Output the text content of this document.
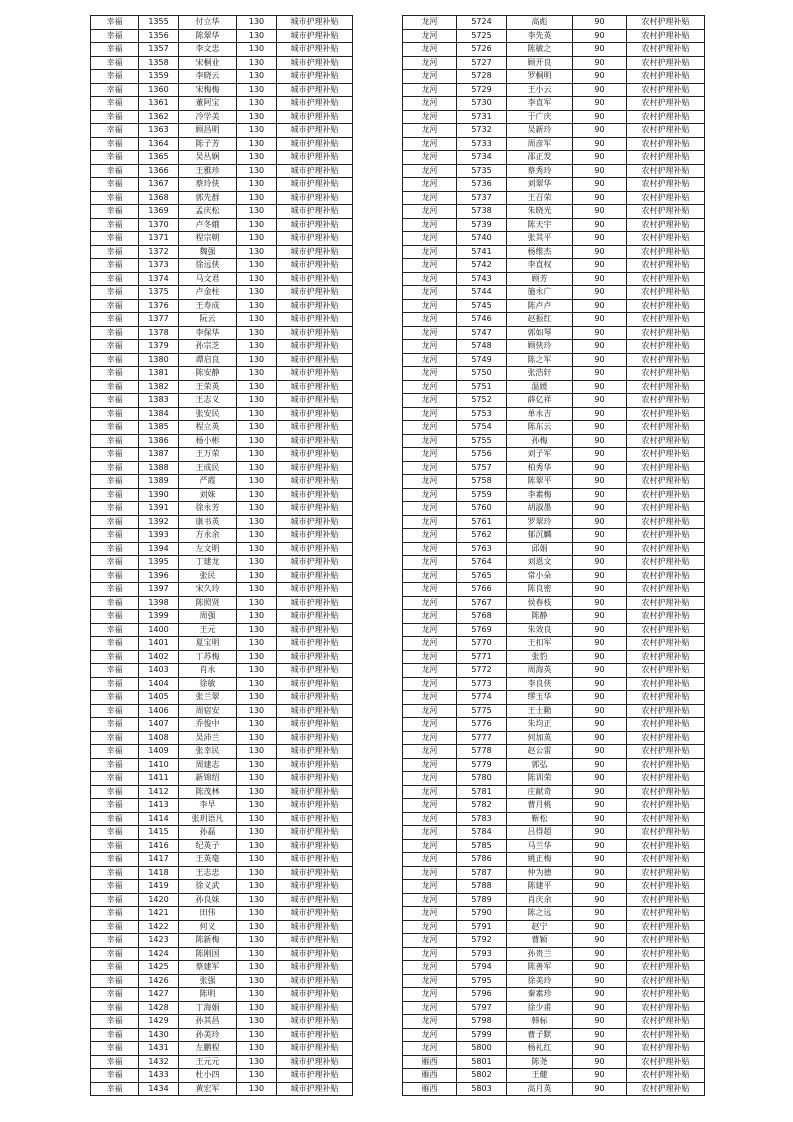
幸福	1355	付立华	130	城市护理补贴
幸福	1356	陈翠华	130	城市护理补贴
幸福	1357	李文忠	130	城市护理补贴
幸福	1358	宋桐业	130	城市护理补贴
幸福	1359	李晓云	130	城市护理补贴
幸福	1360	宋梅梅	130	城市护理补贴
幸福	1361	董阿宝	130	城市护理补贴
幸福	1362	冷学美	130	城市护理补贴
幸福	1363	顾昌明	130	城市护理补贴
幸福	1364	陈子芳	130	城市护理补贴
幸福	1365	吴丛娴	130	城市护理补贴
幸福	1366	王雅珍	130	城市护理补贴
幸福	1367	蔡玲侠	130	城市护理补贴
幸福	1368	郭先群	130	城市护理补贴
幸福	1369	孟庆松	130	城市护理补贴
幸福	1370	卢冬娥	130	城市护理补贴
幸福	1371	程宗朝	130	城市护理补贴
幸福	1372	魏强	130	城市护理补贴
幸福	1373	徐远侠	130	城市护理补贴
幸福	1374	马文君	130	城市护理补贴
幸福	1375	卢金柱	130	城市护理补贴
幸福	1376	王寿成	130	城市护理补贴
幸福	1377	阮云	130	城市护理补贴
幸福	1378	李保华	130	城市护理补贴
幸福	1379	孙宗芝	130	城市护理补贴
幸福	1380	谭启良	130	城市护理补贴
幸福	1381	陈安静	130	城市护理补贴
幸福	1382	王荣英	130	城市护理补贴
幸福	1383	王志义	130	城市护理补贴
幸福	1384	张安民	130	城市护理补贴
幸福	1385	程立英	130	城市护理补贴
幸福	1386	杨小彬	130	城市护理补贴
幸福	1387	王万荣	130	城市护理补贴
幸福	1388	王成民	130	城市护理补贴
幸福	1389	严霞	130	城市护理补贴
幸福	1390	刘妹	130	城市护理补贴
幸福	1391	徐永芳	130	城市护理补贴
幸福	1392	康书英	130	城市护理补贴
幸福	1393	方永余	130	城市护理补贴
幸福	1394	左文明	130	城市护理补贴
幸福	1395	丁建龙	130	城市护理补贴
幸福	1396	张民	130	城市护理补贴
幸福	1397	宋久玲	130	城市护理补贴
幸福	1398	陈照贤	130	城市护理补贴
幸福	1399	周强	130	城市护理补贴
幸福	1400	王元	130	城市护理补贴
幸福	1401	夏宝明	130	城市护理补贴
幸福	1402	丁苏梅	130	城市护理补贴
幸福	1403	肖永	130	城市护理补贴
幸福	1404	徐敏	130	城市护理补贴
幸福	1405	张兰翠	130	城市护理补贴
幸福	1406	周宿安	130	城市护理补贴
幸福	1407	乔俊中	130	城市护理补贴
幸福	1408	吴沛兰	130	城市护理补贴
幸福	1409	张幸民	130	城市护理补贴
幸福	1410	周建志	130	城市护理补贴
幸福	1411	新锦绍	130	城市护理补贴
幸福	1412	陈茂林	130	城市护理补贴
幸福	1413	李早	130	城市护理补贴
幸福	1414	张玥语凡	130	城市护理补贴
幸福	1415	孙磊	130	城市护理补贴
幸福	1416	纪英子	130	城市护理补贴
幸福	1417	王英毫	130	城市护理补贴
幸福	1418	王志忠	130	城市护理补贴
幸福	1419	徐义武	130	城市护理补贴
幸福	1420	孙良妹	130	城市护理补贴
幸福	1421	田伟	130	城市护理补贴
幸福	1422	何义	130	城市护理补贴
幸福	1423	陈新梅	130	城市护理补贴
幸福	1424	陈刚国	130	城市护理补贴
幸福	1425	蔡建军	130	城市护理补贴
幸福	1426	张强	130	城市护理补贴
幸福	1427	陈明	130	城市护理补贴
幸福	1428	丁海娟	130	城市护理补贴
幸福	1429	孙其昌	130	城市护理补贴
幸福	1430	孙美玲	130	城市护理补贴
幸福	1431	左鹏程	130	城市护理补贴
幸福	1432	王元元	130	城市护理补贴
幸福	1433	杜小四	130	城市护理补贴
幸福	1434	黄宏军	130	城市护理补贴
龙河	5724	高彪	90	农村护理补贴
龙河	5725	李先英	90	农村护理补贴
龙河	5726	陈敏之	90	农村护理补贴
龙河	5727	顾开良	90	农村护理补贴
龙河	5728	罗桐明	90	农村护理补贴
龙河	5729	王小云	90	农村护理补贴
龙河	5730	李直军	90	农村护理补贴
龙河	5731	于广庆	90	农村护理补贴
龙河	5732	吴新玲	90	农村护理补贴
龙河	5733	周彦军	90	农村护理补贴
龙河	5734	邵正发	90	农村护理补贴
龙河	5735	蔡秀玲	90	农村护理补贴
龙河	5736	刘翠华	90	农村护理补贴
龙河	5737	王召荣	90	农村护理补贴
龙河	5738	朱晓光	90	农村护理补贴
龙河	5739	陈天宇	90	农村护理补贴
龙河	5740	张其平	90	农村护理补贴
龙河	5741	杨维杰	90	农村护理补贴
龙河	5742	李直权	90	农村护理补贴
龙河	5743	顾芳	90	农村护理补贴
龙河	5744	施永广	90	农村护理补贴
龙河	5745	陈卢卢	90	农村护理补贴
龙河	5746	赵振红	90	农村护理补贴
龙河	5747	郭如琴	90	农村护理补贴
龙河	5748	顾侠玲	90	农村护理补贴
龙河	5749	陈之军	90	农村护理补贴
龙河	5750	张浩轩	90	农村护理补贴
龙河	5751	温媛	90	农村护理补贴
龙河	5752	薛亿祥	90	农村护理补贴
龙河	5753	单永吉	90	农村护理补贴
龙河	5754	陈东云	90	农村护理补贴
龙河	5755	孙梅	90	农村护理补贴
龙河	5756	刘子军	90	农村护理补贴
龙河	5757	柏秀华	90	农村护理补贴
龙河	5758	陈翠平	90	农村护理补贴
龙河	5759	李素梅	90	农村护理补贴
龙河	5760	胡淑墨	90	农村护理补贴
龙河	5761	罗翠玲	90	农村护理补贴
龙河	5762	郁沉麟	90	农村护理补贴
龙河	5763	邱娟	90	农村护理补贴
龙河	5764	刘恩文	90	农村护理补贴
龙河	5765	常小朵	90	农村护理补贴
龙河	5766	陈良密	90	农村护理补贴
龙河	5767	侯春枝	90	农村护理补贴
龙河	5768	陈静	90	农村护理补贴
龙河	5769	朱效良	90	农村护理补贴
龙河	5770	王扣军	90	农村护理补贴
龙河	5771	张豹	90	农村护理补贴
龙河	5772	周海英	90	农村护理补贴
龙河	5773	李良侠	90	农村护理补贴
龙河	5774	缪玉华	90	农村护理补贴
龙河	5775	王士勤	90	农村护理补贴
龙河	5776	朱均正	90	农村护理补贴
龙河	5777	何加英	90	农村护理补贴
龙河	5778	赵公雷	90	农村护理补贴
龙河	5779	郭弘	90	农村护理补贴
龙河	5780	陈训荣	90	农村护理补贴
龙河	5781	庄献奇	90	农村护理补贴
龙河	5782	曹月桃	90	农村护理补贴
龙河	5783	靳松	90	农村护理补贴
龙河	5784	吕得超	90	农村护理补贴
龙河	5785	马兰华	90	农村护理补贴
龙河	5786	姚正梅	90	农村护理补贴
龙河	5787	仲为德	90	农村护理补贴
龙河	5788	陈建平	90	农村护理补贴
龙河	5789	肖庆余	90	农村护理补贴
龙河	5790	陈之远	90	农村护理补贴
龙河	5791	赵宁	90	农村护理补贴
龙河	5792	曹颖	90	农村护理补贴
龙河	5793	孙贵兰	90	农村护理补贴
龙河	5794	陈善军	90	农村护理补贴
龙河	5795	徐美玲	90	农村护理补贴
龙河	5796	秦素珍	90	农村护理补贴
龙河	5797	徐少甫	90	农村护理补贴
龙河	5798	韩标	90	农村护理补贴
龙河	5799	曹子默	90	农村护理补贴
龙河	5800	杨礼红	90	农村护理补贴
雁西	5801	陈尧	90	农村护理补贴
雁西	5802	王健	90	农村护理补贴
雁西	5803	高月英	90	农村护理补贴
